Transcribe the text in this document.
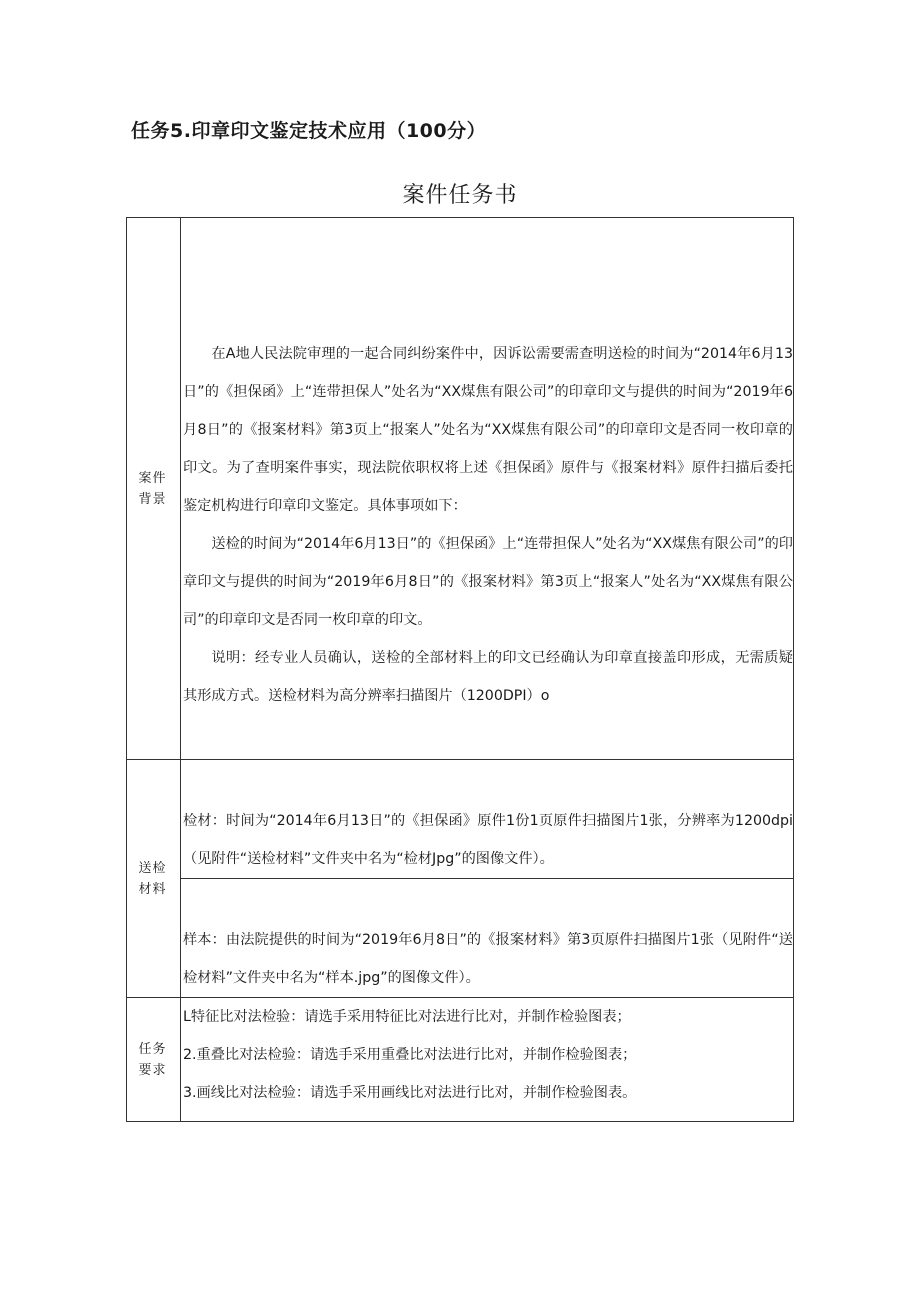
任务5.印章印文鉴定技术应用（100分）
案件任务书
案件背景	在A地人民法院审理的一起合同纠纷案件中，因诉讼需要需查明送检的时间为“2014年6月13日”的《担保函》上“连带担保人”处名为“XX煤焦有限公司”的印章印文与提供的时间为“2019年6月8日”的《报案材料》第3页上“报案人”处名为“XX煤焦有限公司”的印章印文是否同一枚印章的印文。为了查明案件事实，现法院依职权将上述《担保函》原件与《报案材料》原件扫描后委托鉴定机构进行印章印文鉴定。具体事项如下：

送检的时间为“2014年6月13日”的《担保函》上“连带担保人”处名为“XX煤焦有限公司”的印章印文与提供的时间为“2019年6月8日”的《报案材料》第3页上“报案人”处名为“XX煤焦有限公司”的印章印文是否同一枚印章的印文。

说明：经专业人员确认，送检的全部材料上的印文已经确认为印章直接盖印形成，无需质疑其形成方式。送检材料为高分辨率扫描图片（1200DPI）o

送检材料	检材：时间为“2014年6月13日”的《担保函》原件1份1页原件扫描图片1张，分辨率为1200dpi（见附件“送检材料”文件夹中名为“检材Jpg”的图像文件）。

	样本：由法院提供的时间为“2019年6月8日”的《报案材料》第3页原件扫描图片1张（见附件“送检材料”文件夹中名为“样本.jpg”的图像文件）。

任务要求	L特征比对法检验：请选手采用特征比对法进行比对，并制作检验图表；

2.重叠比对法检验：请选手采用重叠比对法进行比对，并制作检验图表；

3.画线比对法检验：请选手采用画线比对法进行比对，并制作检验图表。
